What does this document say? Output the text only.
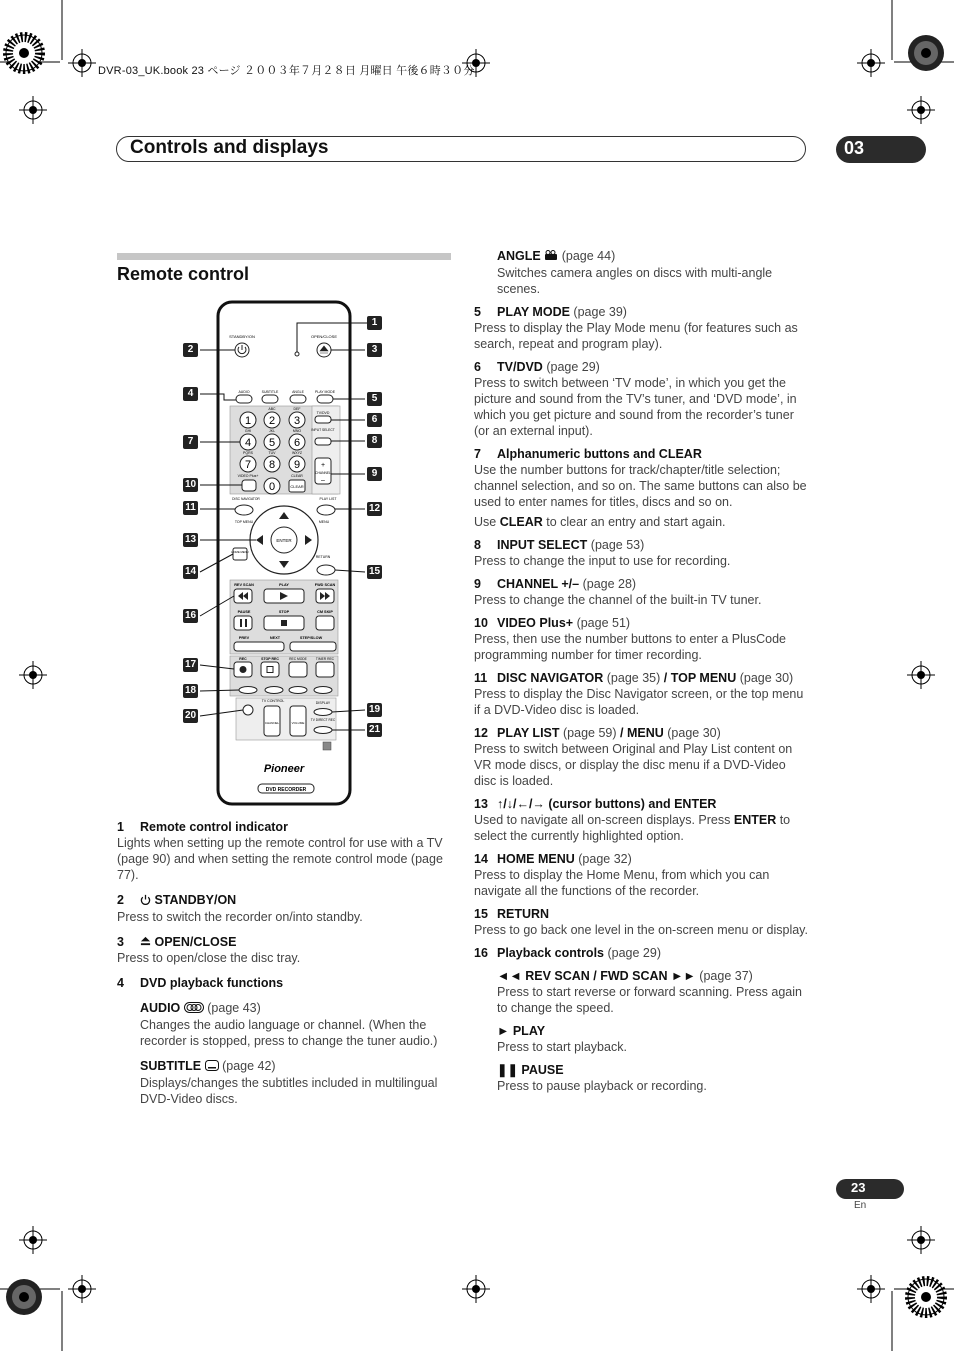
DVR-03_UK.book 23 ページ ２００３年７月２８日 月曜日 午後６時３０分
Controls and displays	03
Remote control
STANDBY/ON	OPEN/CLOSE
AUDIO	SUBTITLE	ANGLE	PLAY MODE
1 2 3
ABC	DEF
4 5 6
GHI	JKL	MNO
7 8 9
PQRS	TUV	WXYZ
VIDEO Plus+
0
CLEAR
CLEAR
TV/DVD
INPUT SELECT
+
CHANNEL
–
DISC NAVIGATOR	PLAY LIST
TOP MENU	MENU
ENTER
HOME MENU
RETURN
REV SCAN	PLAY	FWD SCAN
PAUSE	STOP	CM SKIP
PREV	NEXT	STEP/SLOW
REC	STOP REC	REC MODE	TIMER REC
TV CONTROL	DISPLAY
CHANNEL	VOLUME
TV DIRECT REC
Pioneer
DVD RECORDER
1
2	3
4	5
6
7	8
9
10
11	12
13
14	15
16
17
18
19
20
21
1 Remote control indicator
Lights when setting up the remote control for use with a TV (page 90) and when setting the remote control mode (page 77).
2 STANDBY/ON
Press to switch the recorder on/into standby.
3 OPEN/CLOSE
Press to open/close the disc tray.
4 DVD playback functions
AUDIO (page 43)
Changes the audio language or channel. (When the recorder is stopped, press to change the tuner audio.)
SUBTITLE (page 42)
Displays/changes the subtitles included in multilingual DVD-Video discs.
ANGLE (page 44)
Switches camera angles on discs with multi-angle scenes.
5 PLAY MODE (page 39)
Press to display the Play Mode menu (for features such as search, repeat and program play).
6 TV/DVD (page 29)
Press to switch between ‘TV mode’, in which you get the picture and sound from the TV’s tuner, and ‘DVD mode’, in which you get picture and sound from the recorder’s tuner (or an external input).
7 Alphanumeric buttons and CLEAR
Use the number buttons for track/chapter/title selection; channel selection, and so on. The same buttons can also be used to enter names for titles, discs and so on.
Use CLEAR to clear an entry and start again.
8 INPUT SELECT (page 53)
Press to change the input to use for recording.
9 CHANNEL +/– (page 28)
Press to change the channel of the built-in TV tuner.
10 VIDEO Plus+ (page 51)
Press, then use the number buttons to enter a PlusCode programming number for timer recording.
11 DISC NAVIGATOR (page 35) / TOP MENU (page 30)
Press to display the Disc Navigator screen, or the top menu if a DVD-Video disc is loaded.
12 PLAY LIST (page 59) / MENU (page 30)
Press to switch between Original and Play List content on VR mode discs, or display the disc menu if a DVD-Video disc is loaded.
13 ↑/↓/←/→ (cursor buttons) and ENTER
Used to navigate all on-screen displays. Press ENTER to select the currently highlighted option.
14 HOME MENU (page 32)
Press to display the Home Menu, from which you can navigate all the functions of the recorder.
15 RETURN
Press to go back one level in the on-screen menu or display.
16 Playback controls (page 29)
◄◄ REV SCAN / FWD SCAN ►► (page 37)
Press to start reverse or forward scanning. Press again to change the speed.
► PLAY
Press to start playback.
❚❚ PAUSE
Press to pause playback or recording.
23
En
